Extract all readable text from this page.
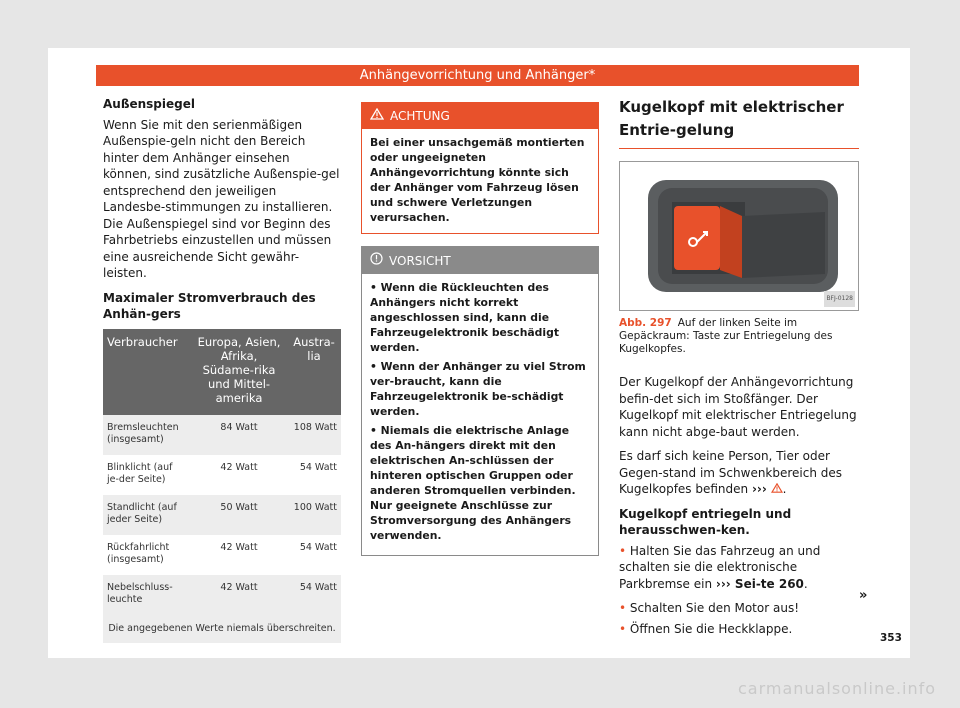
Anhängevorrichtung und Anhänger*
Außenspiegel

Wenn Sie mit den serienmäßigen Außenspie-geln nicht den Bereich hinter dem Anhänger einsehen können, sind zusätzliche Außenspie-gel entsprechend den jeweiligen Landesbe-stimmungen zu installieren. Die Außenspiegel sind vor Beginn des Fahrbetriebs einzustellen und müssen eine ausreichende Sicht gewähr-leisten.

Maximaler Stromverbrauch des Anhän-gers
Verbraucher	Europa, Asien, Afrika, Südame-rika und Mittel-amerika	Austra-lia
Bremsleuchten (insgesamt)	84 Watt	108 Watt
Blinklicht (auf je-der Seite)	42 Watt	54 Watt
Standlicht (auf jeder Seite)	50 Watt	100 Watt
Rückfahrlicht (insgesamt)	42 Watt	54 Watt
Nebelschluss-leuchte	42 Watt	54 Watt
Die angegebenen Werte niemals überschreiten.		
ACHTUNG
Bei einer unsachgemäß montierten oder ungeeigneten Anhängevorrichtung könnte sich der Anhänger vom Fahrzeug lösen und schwere Verletzungen verursachen.
VORSICHT
• Wenn die Rückleuchten des Anhängers nicht korrekt angeschlossen sind, kann die Fahrzeugelektronik beschädigt werden.
• Wenn der Anhänger zu viel Strom ver-braucht, kann die Fahrzeugelektronik be-schädigt werden.
• Niemals die elektrische Anlage des An-hängers direkt mit den elektrischen An-schlüssen der hinteren optischen Gruppen oder anderen Stromquellen verbinden. Nur geeignete Anschlüsse zur Stromversorgung des Anhängers verwenden.
Kugelkopf mit elektrischer Entrie-gelung
BFJ-0128
Abb. 297 Auf der linken Seite im Gepäckraum: Taste zur Entriegelung des Kugelkopfes.

Der Kugelkopf der Anhängevorrichtung befin-det sich im Stoßfänger. Der Kugelkopf mit elektrischer Entriegelung kann nicht abge-baut werden.

Es darf sich keine Person, Tier oder Gegen-stand im Schwenkbereich des Kugelkopfes befinden ››› .

Kugelkopf entriegeln und herausschwen-ken.

• Halten Sie das Fahrzeug an und schalten sie die elektronische Parkbremse ein ››› Sei-te 260.

• Schalten Sie den Motor aus!

• Öffnen Sie die Heckklappe.

»
353
carmanualsonline.info
